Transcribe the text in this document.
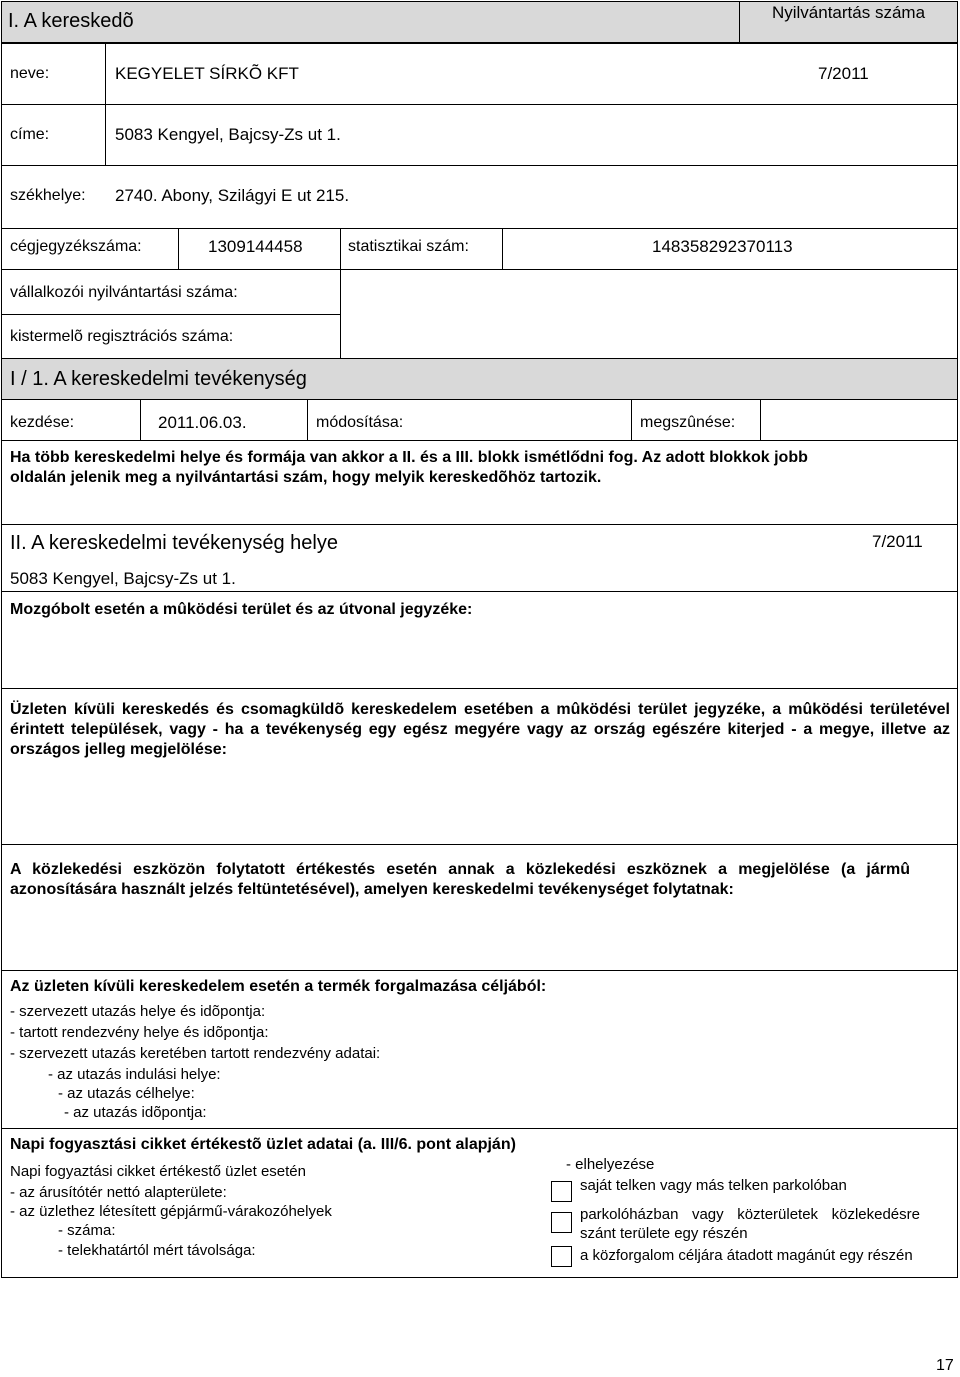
I. A kereskedõ	Nyilvántartás száma
neve:	KEGYELET SÍRKÕ KFT	7/2011
címe:	5083 Kengyel, Bajcsy-Zs ut 1.
székhelye: 2740. Abony, Szilágyi E ut 215.
cégjegyzékszáma:	1309144458	statisztikai szám:	148358292370113
vállalkozói nyilvántartási száma:
kistermelõ regisztrációs száma:
I / 1. A kereskedelmi tevékenység
kezdése:	2011.06.03.	módosítása:	megszûnése:
Ha több kereskedelmi helye és formája van akkor a II. és a III. blokk ismétlődni fog. Az adott blokkok jobb oldalán jelenik meg a nyilvántartási szám, hogy melyik kereskedõhöz tartozik.
II. A kereskedelmi tevékenység helye	7/2011
5083 Kengyel, Bajcsy-Zs ut 1.
Mozgóbolt esetén a mûködési terület és az útvonal jegyzéke:
Üzleten kívüli kereskedés és csomagküldõ kereskedelem esetében a mûködési terület jegyzéke, a mûködési területével érintett települések, vagy - ha a tevékenység egy egész megyére vagy az ország egészére kiterjed - a megye, illetve az országos jelleg megjelölése:
A közlekedési eszközön folytatott értékestés esetén annak a közlekedési eszköznek a megjelölése (a jármû azonosítására használt jelzés feltüntetésével), amelyen kereskedelmi tevékenységet folytatnak:
Az üzleten kívüli kereskedelem esetén a termék forgalmazása céljából:
- szervezett utazás helye és idõpontja:
- tartott rendezvény helye és idõpontja:
- szervezett utazás keretében tartott rendezvény adatai:
- az utazás indulási helye:
- az utazás célhelye:
- az utazás idõpontja:
Napi fogyasztási cikket értékestõ üzlet adatai (a. III/6. pont alapján)
Napi fogyaztási cikket értékestő üzlet esetén
- az árusítótér nettó alapterülete:
- az üzlethez létesített gépjármű-várakozóhelyek
- száma:
- telekhatártól mért távolsága:
- elhelyezése
saját telken vagy más telken parkolóban
parkolóházban vagy közterületek közlekedésre szánt területe egy részén
a közforgalom céljára átadott magánút egy részén
17
